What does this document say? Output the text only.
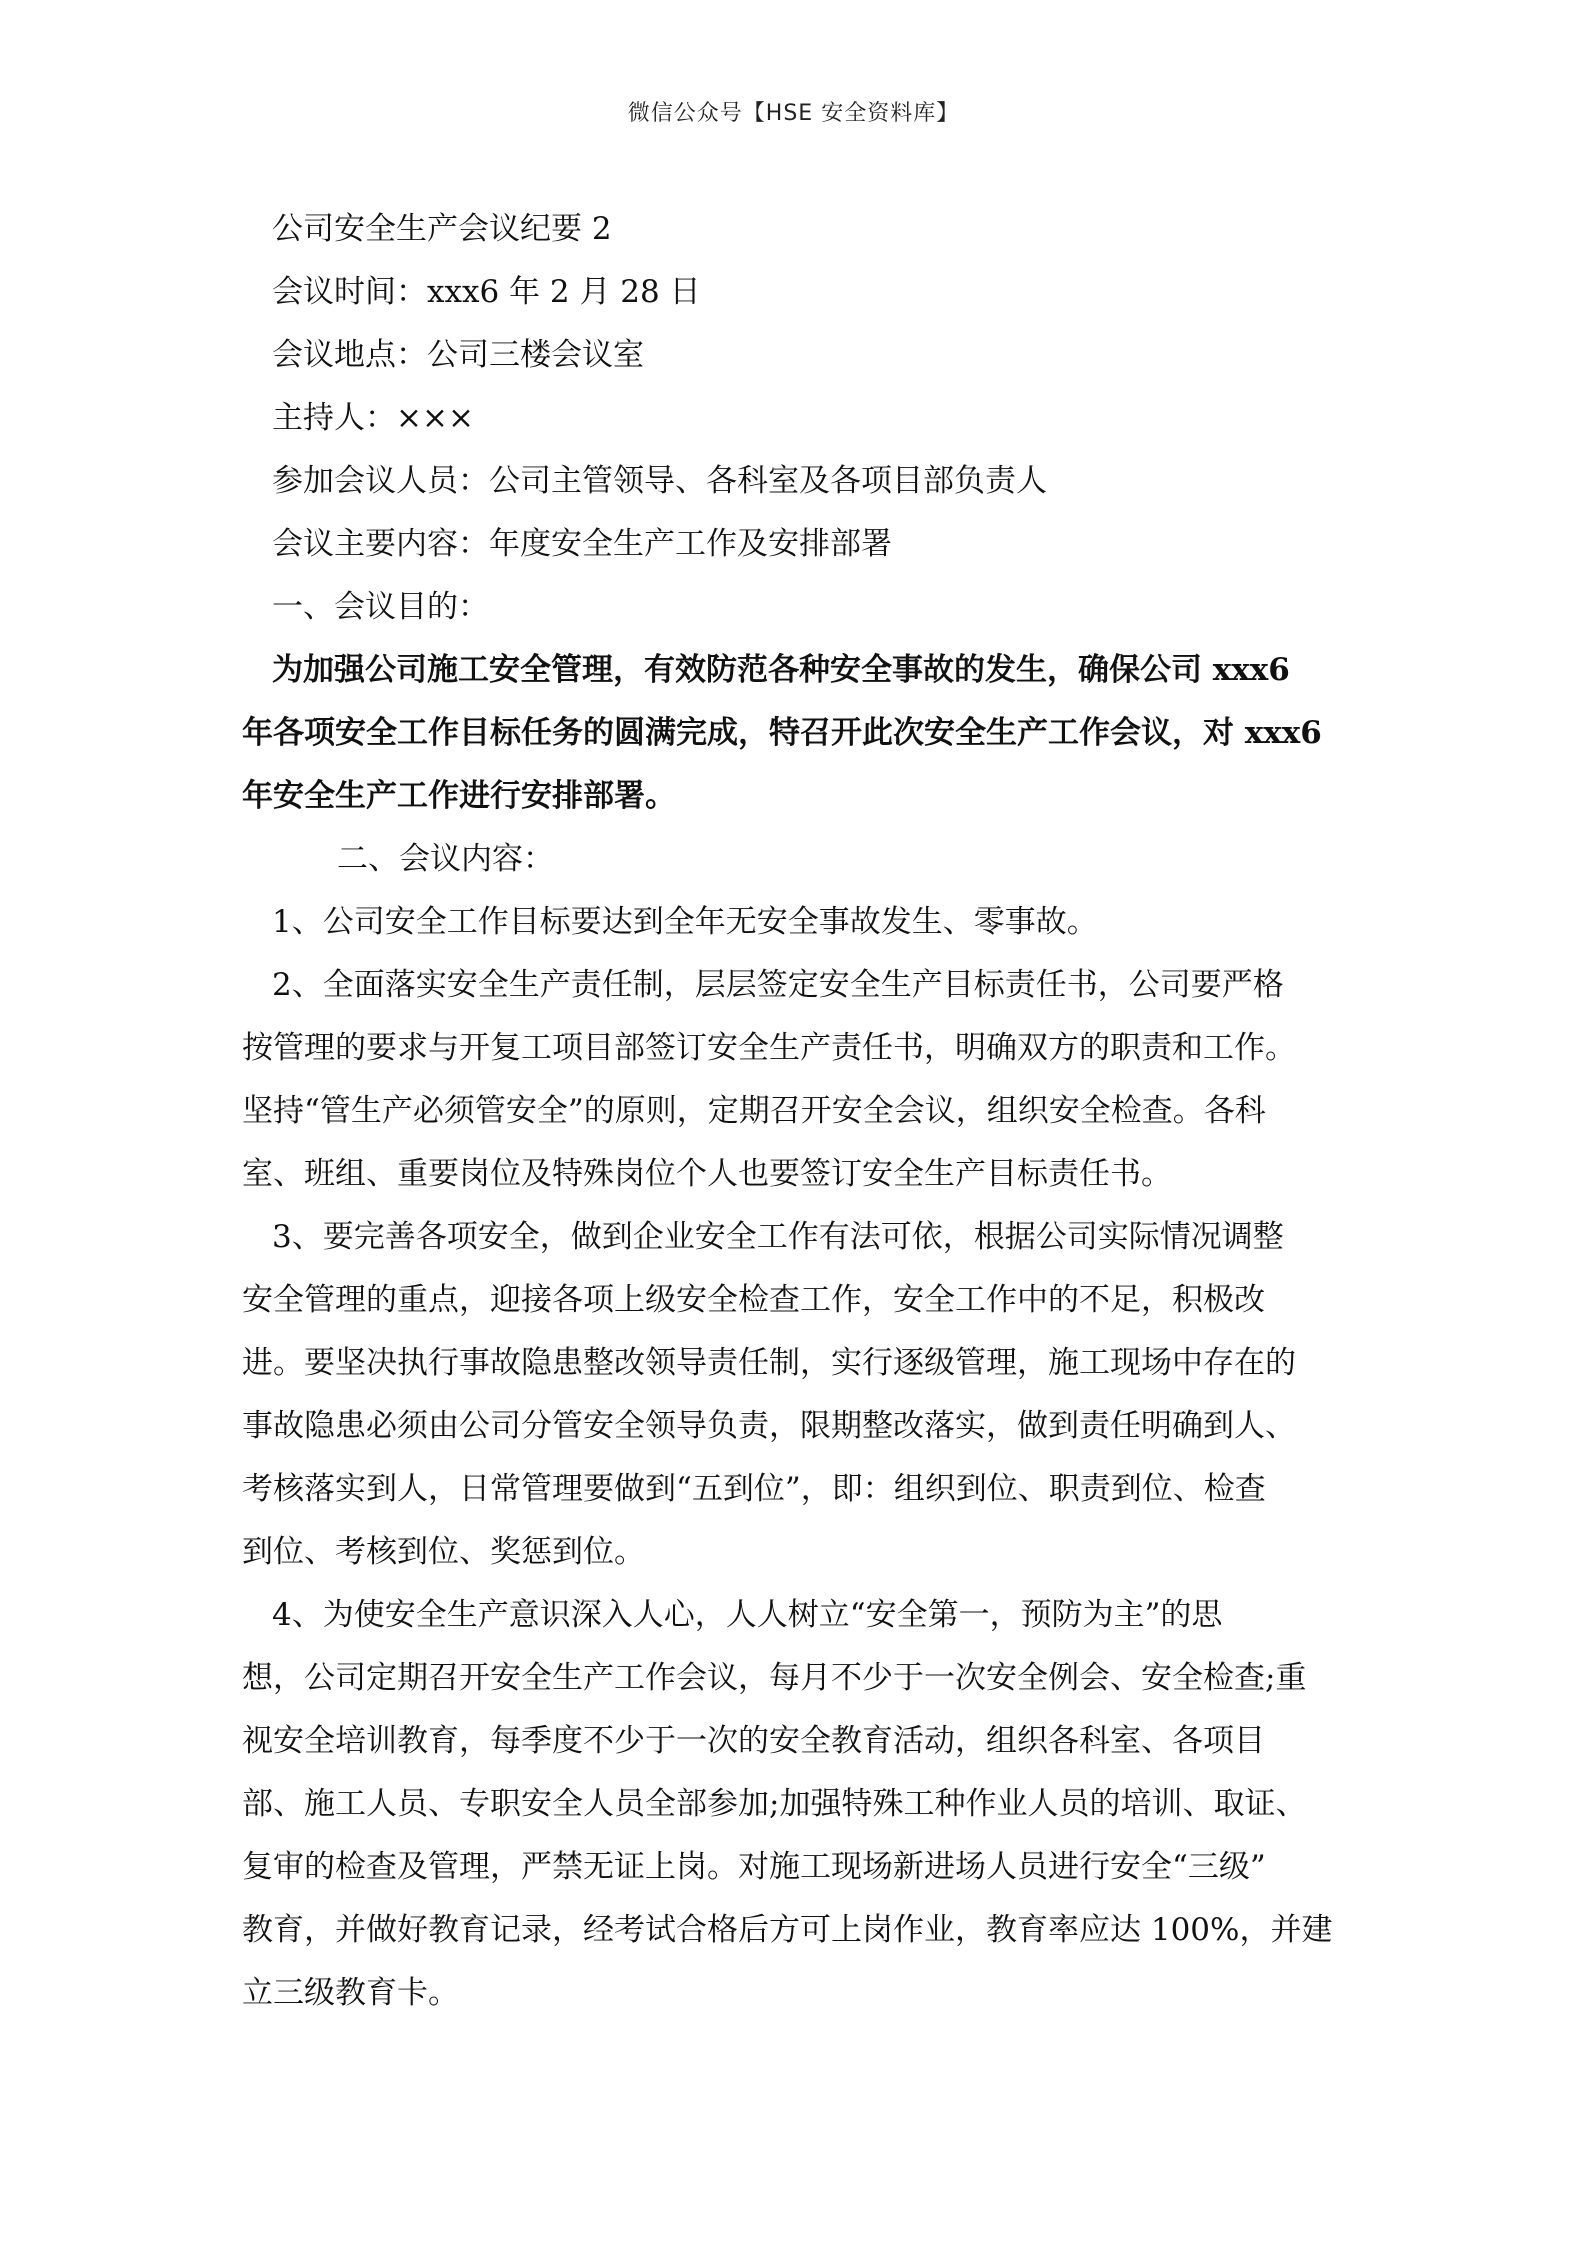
微信公众号【HSE 安全资料库】
公司安全生产会议纪要 2
会议时间：xxx6 年 2 月 28 日
会议地点：公司三楼会议室
主持人：×××
参加会议人员：公司主管领导、各科室及各项目部负责人
会议主要内容：年度安全生产工作及安排部署
一、会议目的：
为加强公司施工安全管理，有效防范各种安全事故的发生，确保公司 xxx6
年各项安全工作目标任务的圆满完成，特召开此次安全生产工作会议，对 xxx6
年安全生产工作进行安排部署。
二、会议内容：
1、公司安全工作目标要达到全年无安全事故发生、零事故。
2、全面落实安全生产责任制，层层签定安全生产目标责任书，公司要严格
按管理的要求与开复工项目部签订安全生产责任书，明确双方的职责和工作。
坚持“管生产必须管安全”的原则，定期召开安全会议，组织安全检查。各科
室、班组、重要岗位及特殊岗位个人也要签订安全生产目标责任书。
3、要完善各项安全，做到企业安全工作有法可依，根据公司实际情况调整
安全管理的重点，迎接各项上级安全检查工作，安全工作中的不足，积极改
进。要坚决执行事故隐患整改领导责任制，实行逐级管理，施工现场中存在的
事故隐患必须由公司分管安全领导负责，限期整改落实，做到责任明确到人、
考核落实到人，日常管理要做到“五到位”，即：组织到位、职责到位、检查
到位、考核到位、奖惩到位。
4、为使安全生产意识深入人心，人人树立“安全第一，预防为主”的思
想，公司定期召开安全生产工作会议，每月不少于一次安全例会、安全检查;重
视安全培训教育，每季度不少于一次的安全教育活动，组织各科室、各项目
部、施工人员、专职安全人员全部参加;加强特殊工种作业人员的培训、取证、
复审的检查及管理，严禁无证上岗。对施工现场新进场人员进行安全“三级”
教育，并做好教育记录，经考试合格后方可上岗作业，教育率应达 100%，并建
立三级教育卡。
